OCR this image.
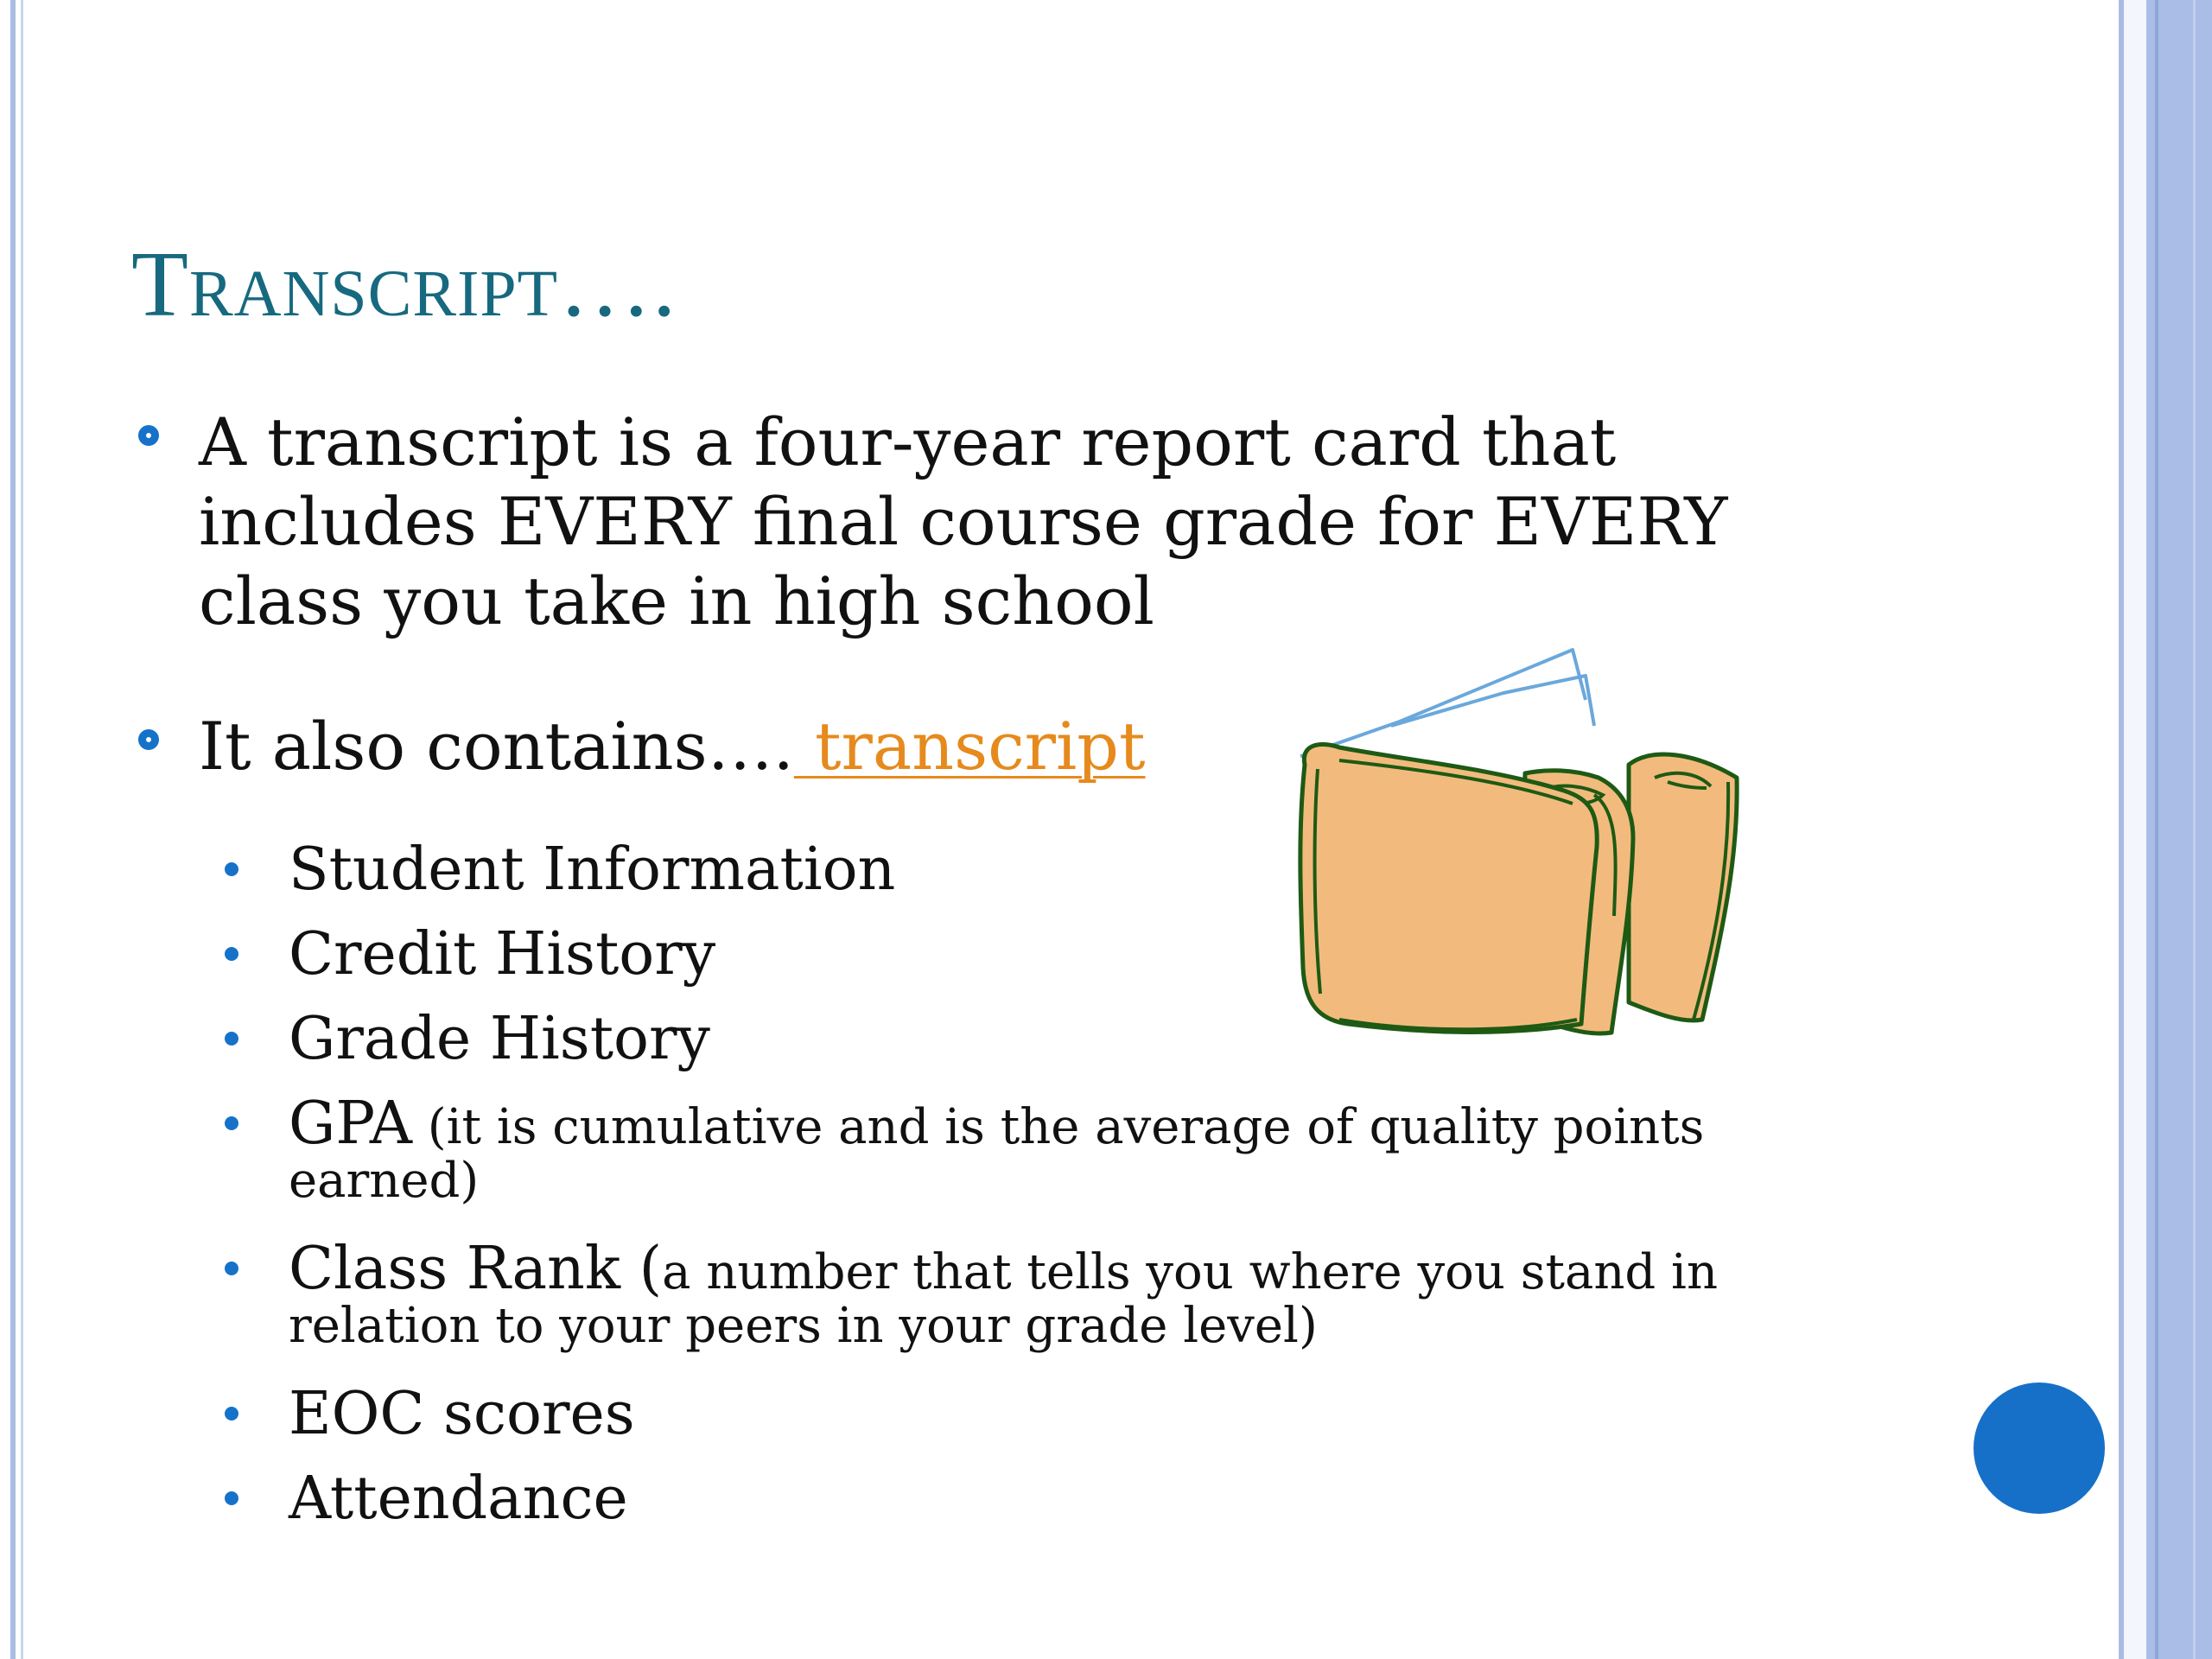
Transcript….
A transcript is a four-year report card that
includes EVERY final course grade for EVERY
class you take in high school
It also contains…. transcript
Student Information
Credit History
Grade History
GPA (it is cumulative and is the average of quality points
earned)
Class Rank (a number that tells you where you stand in
relation to your peers in your grade level)
EOC scores
Attendance
